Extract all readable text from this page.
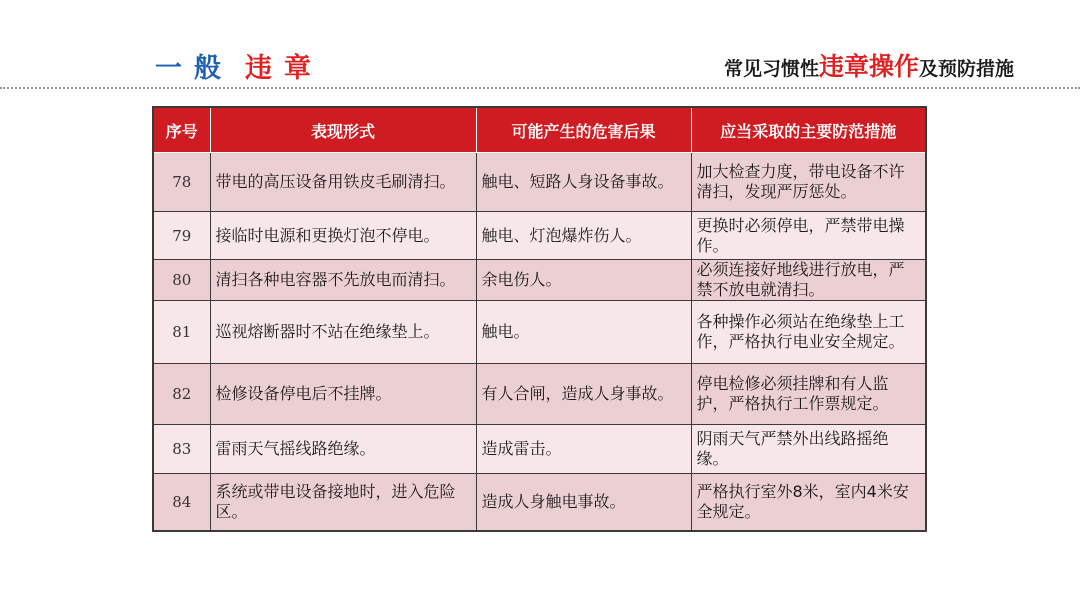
一般 违章	常见习惯性违章操作及预防措施
序号	表现形式	可能产生的危害后果	应当采取的主要防范措施
78	带电的高压设备用铁皮毛刷清扫。	触电、短路人身设备事故。	加大检查力度，带电设备不许清扫，发现严厉惩处。
79	接临时电源和更换灯泡不停电。	触电、灯泡爆炸伤人。	更换时必须停电，严禁带电操作。
80	清扫各种电容器不先放电而清扫。	余电伤人。	必须连接好地线进行放电，严禁不放电就清扫。
81	巡视熔断器时不站在绝缘垫上。	触电。	各种操作必须站在绝缘垫上工作，严格执行电业安全规定。
82	检修设备停电后不挂牌。	有人合闸，造成人身事故。	停电检修必须挂牌和有人监护，严格执行工作票规定。
83	雷雨天气摇线路绝缘。	造成雷击。	阴雨天气严禁外出线路摇绝缘。
84	系统或带电设备接地时，进入危险区。	造成人身触电事故。	严格执行室外8米，室内4米安全规定。
